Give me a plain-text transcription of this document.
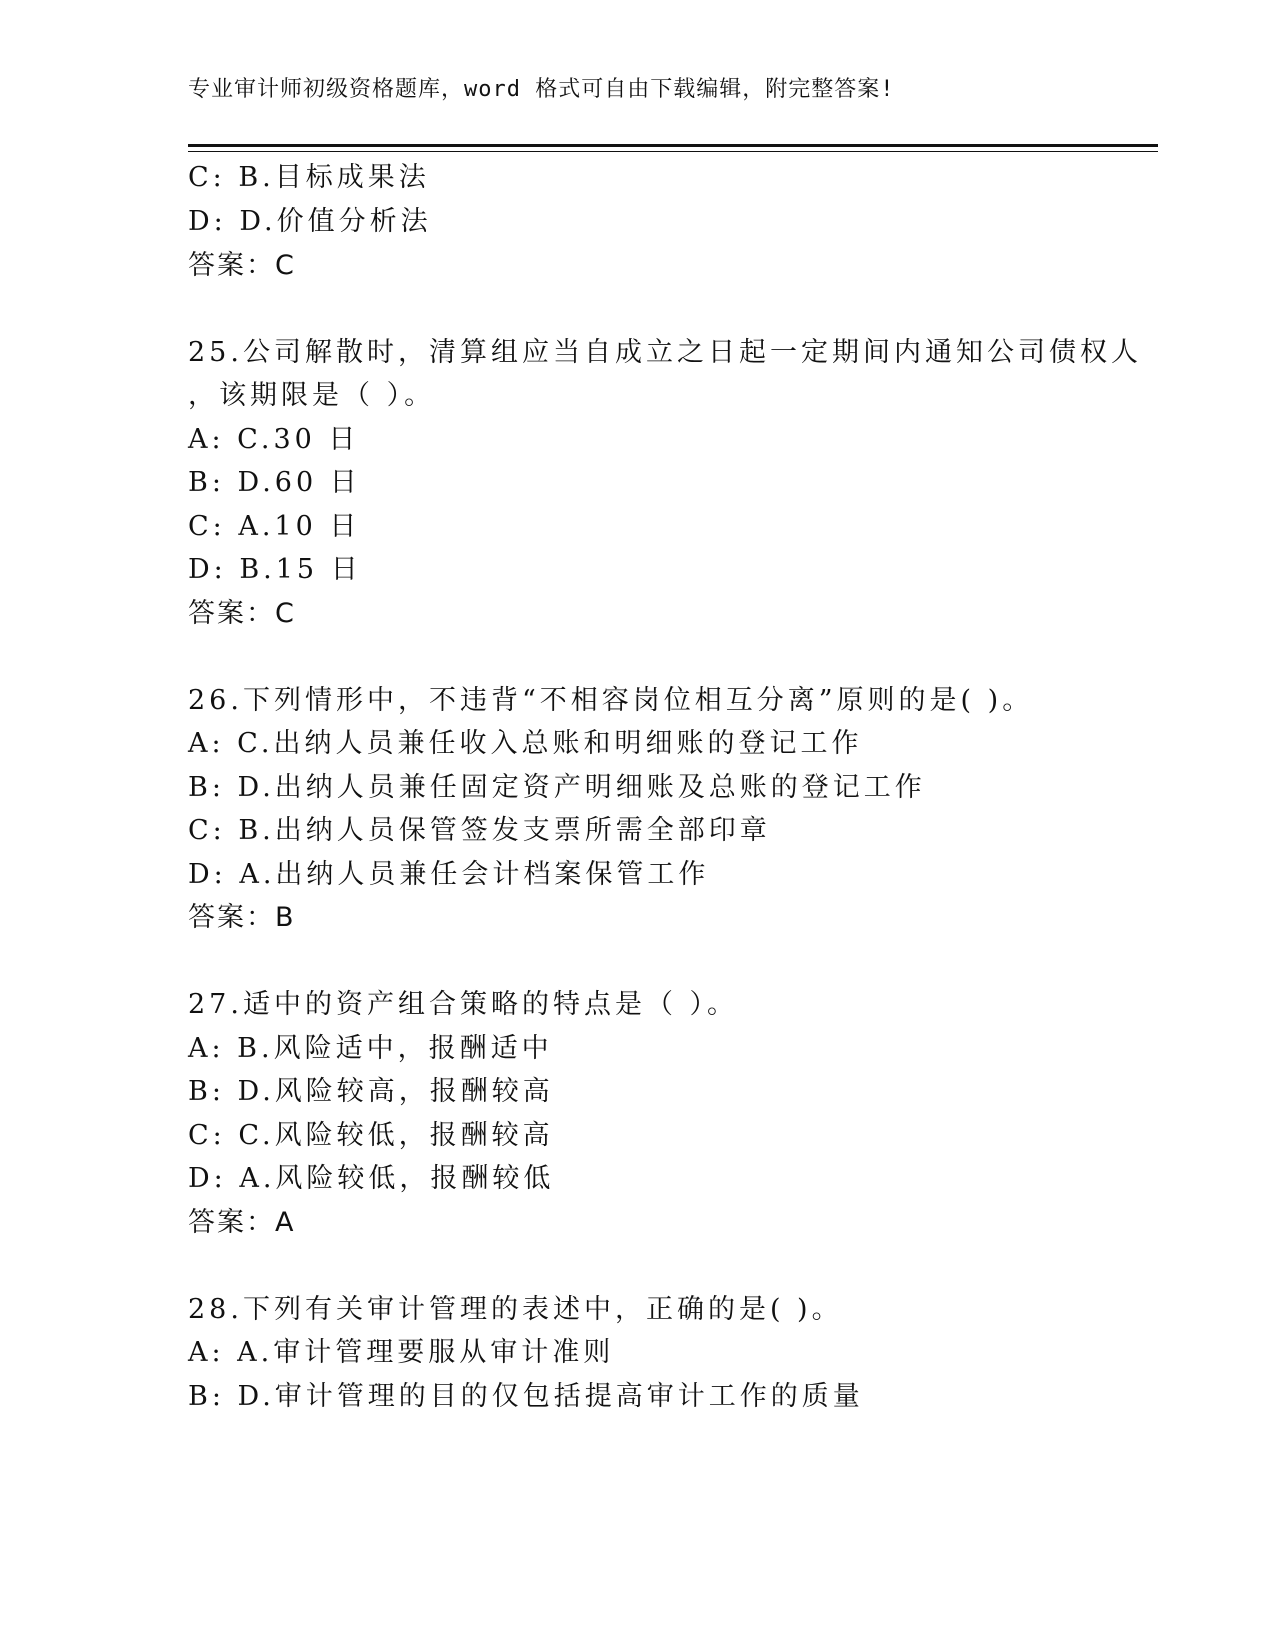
专业审计师初级资格题库，word 格式可自由下载编辑，附完整答案!
C: B.目标成果法
D: D.价值分析法
答案：C
25.公司解散时，清算组应当自成立之日起一定期间内通知公司债权人
，该期限是（ ）。
A: C.30 日
B: D.60 日
C: A.10 日
D: B.15 日
答案：C
26.下列情形中，不违背“不相容岗位相互分离”原则的是( )。
A: C.出纳人员兼任收入总账和明细账的登记工作
B: D.出纳人员兼任固定资产明细账及总账的登记工作
C: B.出纳人员保管签发支票所需全部印章
D: A.出纳人员兼任会计档案保管工作
答案：B
27.适中的资产组合策略的特点是（ ）。
A: B.风险适中，报酬适中
B: D.风险较高，报酬较高
C: C.风险较低，报酬较高
D: A.风险较低，报酬较低
答案：A
28.下列有关审计管理的表述中，正确的是( )。
A: A.审计管理要服从审计准则
B: D.审计管理的目的仅包括提高审计工作的质量
